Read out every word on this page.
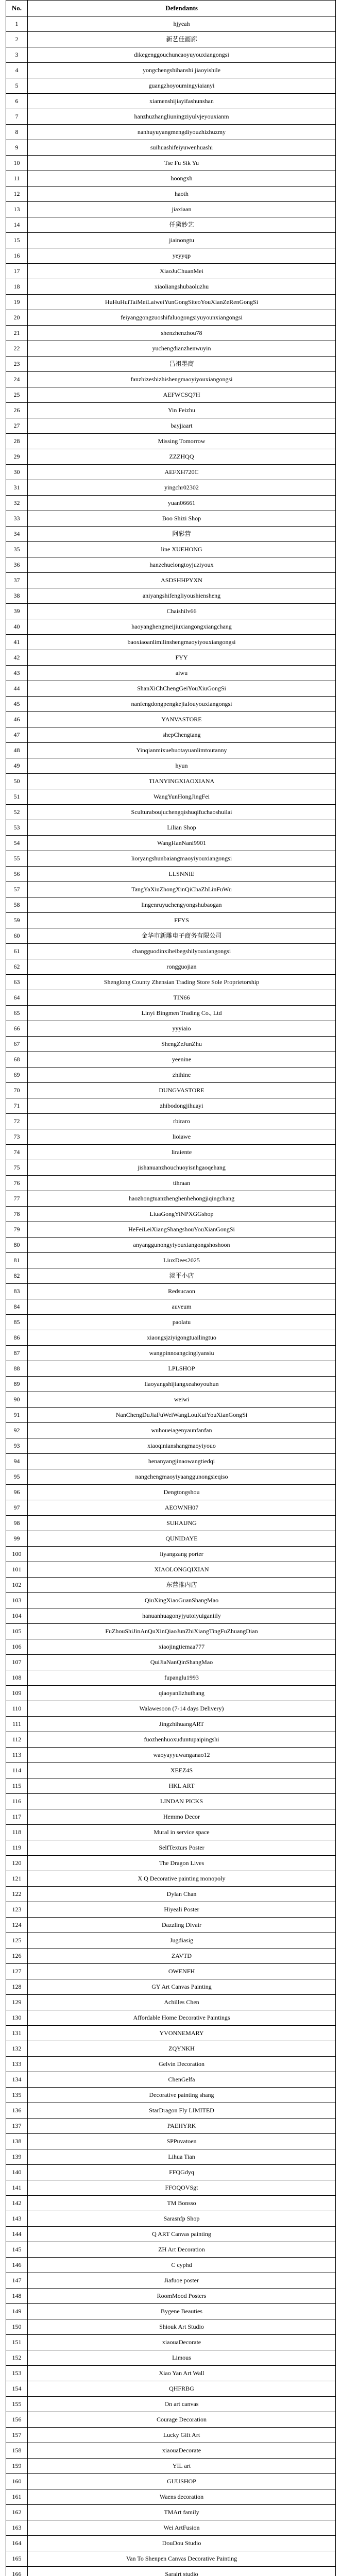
No.	Defendants
1	hjyeah
2	新艺佳画廊
3	dikegenggouchuncaoyuyouxiangongsi
4	yongchengshihanshi jiaoyishile
5	guangzhoyoumingyiaianyi
6	xiamenshijiayifashunshan
7	hanzhuzhangliuningziyulvjeyouxianm
8	nanhuyuyangmengdiyouzhizhuzmy
9	suihuashifeiyuwenhuashi
10	Tse Fu Sik Yu
11	hoongxh
12	haoth
13	jiaxiaan
14	仟黛妙艺
15	jiainongtu
16	yeyyqp
17	XiaoJuChuanMei
18	xiaoliangshubaoluzhu
19	HuHuHuiTaiMeiLaiweiYunGongSiteoYouXianZeRenGongSi
20	feiyanggongzuoshifaluogongsiyuyounxiangongsi
21	shenzhenzhou78
22	yuchengdianzhenwuyin
23	昌祖墨商
24	fanzhizeshizhishengmaoyiyouxiangongsi
25	AEFWCSQ7H
26	Yin Feizhu
27	bayjiaart
28	Missing Tomorrow
29	ZZZHQQ
30	AEFXH720C
31	yingchr02302
32	yuan06661
33	Boo Shizi Shop
34	阿彩营
35	line XUEHONG
36	hanzehuelongtoyjuziyoux
37	ASDSHHPYXN
38	aniyangshifengliyoushiensheng
39	Chaishilv66
40	haoyanghengmeijiuxiangongxiangchang
41	baoxiaoanlimilinshengmaoyiyouxiangongsi
42	FYY
43	aiwu
44	ShanXiChChengGeiYouXiuGongSi
45	nanfengdongpengkejiafouyouxiangongsi
46	YANVASTORE
47	shepChengtang
48	Yinqianmixuehuotayuanlimtoutanny
49	hyun
50	TIANYINGXIAOXIANA
51	WangYunHongJingFei
52	Sculturaboujuchengqishuqifuchaoshuilai
53	Lilian Shop
54	WangHanNani9901
55	lioryangshunbaiangmaoyiyouxiangongsi
56	LLSNNIE
57	TangYaXiuZhongXinQiChaZhLinFuWu
58	lingenruyuchengyongshubaogan
59	FFYS
60	金华市新雕电子商务有限公司
61	changguodinxiheibegshilyouxiangongsi
62	rongguojian
63	Shenglong County Zhensian Trading Store Sole Proprietorship
64	TIN66
65	Linyi Bingmen Trading Co., Ltd
66	yyyiaio
67	ShengZeJunZhu
68	yeenine
69	zhihine
70	DUNGVASTORE
71	zhibodongjihuayi
72	rbiraro
73	lioiawe
74	liraiente
75	jishanuanzhouchuoyisnhgaoqehang
76	tihraan
77	haozhongtuanzhenghenhehongjiqingchang
78	LiuaGongYiNPXGGshop
79	HeFeiLeiXiangShangshouYouXianGongSi
80	anyanggunongyiyouxiangongshoshoon
81	LiuxDees2025
82	淡平小店
83	Redsucaon
84	auveum
85	paolatu
86	xiaongsjziyigongtuailingtuo
87	wangpinnoangcinglyansiu
88	LPLSHOP
89	liaoyangshijiangxeahoyouhun
90	weiwi
91	NanChengDuJiaFuWeiWangLouKuiYouXianGongSi
92	wuhoueiagenyaunfanfan
93	xiaoqinianshangmaoyiyouo
94	henanyangjinaowangtiedqi
95	nangchengmaoyiyaanggunongsieqiso
96	Dengtongshou
97	AEOWNH07
98	SUHAIJNG
99	QUNIDAYE
100	liyangzang porter
101	XIAOLONGQIXIAN
102	东营推内店
103	QiuXingXiaoGuanShangMao
104	hanuanhuagonyjyutoiyuiganiily
105	FuZhouShiJinAnQuXinQiaoJunZhiXiangTingFuZhuangDian
106	xiaojingtiemaa777
107	QuiJiaNanQinShangMao
108	fupanglu1993
109	qiaoyanlizhuthang
110	Walawesoon (7-14 days Delivery)
111	JingzhihuangART
112	fuozhenhuoxuduntupaipingshi
113	waoyayyuwanganao12
114	XEEZ4S
115	HKL ART
116	LINDAN PICKS
117	Hemmo Decor
118	Mural in service space
119	SelfTexturs Poster
120	The Dragon Lives
121	X Q Decorative painting monopoly
122	Dylan Chan
123	Hiyeali Poster
124	Dazzling Divair
125	Jugdiasig
126	ZAVTD
127	OWENFH
128	GY Art Canvas Painting
129	Achilles Chen
130	Affordable Home Decorative Paintings
131	YVONNEMARY
132	ZQYNKH
133	Gelvin Decoration
134	ChenGelfa
135	Decorative painting shang
136	StarDragon Fly LIMITED
137	PAEHYRK
138	SPPuvatoen
139	Lihua Tian
140	FFQGdyq
141	FFOQOVSgt
142	TM Bonsso
143	Sarasnfp Shop
144	Q ART Canvas painting
145	ZH Art Decoration
146	C cyphd
147	Jiafuoe poster
148	RoomMood Posters
149	Bygene Beauties
150	Shiouk Art Studio
151	xiaouaDecorate
152	Limous
153	Xiao Yan Art Wall
154	QHFRBG
155	On art canvas
156	Courage Decoration
157	Lucky Gift Art
158	xiaouaDecorate
159	YIL art
160	GUUSHOP
161	Waens decoration
162	TMArt family
163	Wei ArtFusion
164	DouDou Studio
165	Van To Shenpen Canvas Decorative Painting
166	Sarairt studio
